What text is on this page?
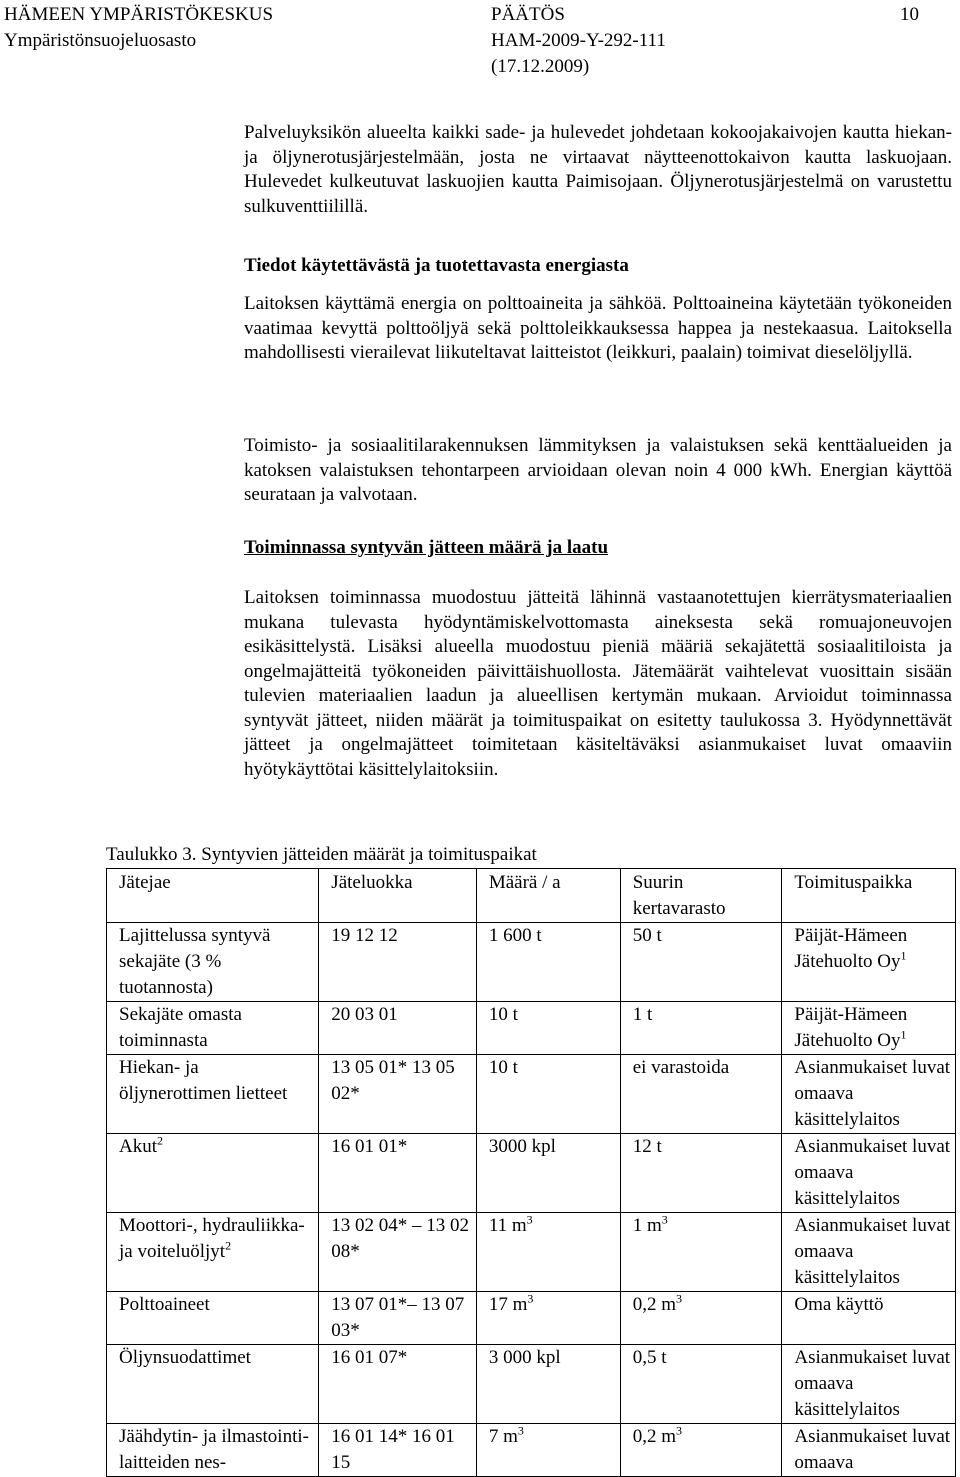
HÄMEEN YMPÄRISTÖKESKUS
Ympäristönsuojeluosasto
PÄÄTÖS
HAM-2009-Y-292-111
(17.12.2009)
10

Palveluyksikön alueelta kaikki sade- ja hulevedet johdetaan kokoojakaivojen kautta hiekan- ja öljynerotusjärjestelmään, josta ne virtaavat näytteenottokaivon kautta laskuojaan. Hulevedet kulkeutuvat laskuojien kautta Paimisojaan. Öljynerotusjärjestelmä on varustettu sulkuventtiilillä.

Tiedot käytettävästä ja tuotettavasta energiasta

Laitoksen käyttämä energia on polttoaineita ja sähköä. Polttoaineina käytetään työkoneiden vaatimaa kevyttä polttoöljyä sekä polttoleikkauksessa happea ja nestekaasua. Laitoksella mahdollisesti vierailevat liikuteltavat laitteistot (leikkuri, paalain) toimivat dieselöljyllä.

Toimisto- ja sosiaalitilarakennuksen lämmityksen ja valaistuksen sekä kenttäalueiden ja katoksen valaistuksen tehontarpeen arvioidaan olevan noin 4 000 kWh. Energian käyttöä seurataan ja valvotaan.

Toiminnassa syntyvän jätteen määrä ja laatu

Laitoksen toiminnassa muodostuu jätteitä lähinnä vastaanotettujen kierrätysmateriaalien mukana tulevasta hyödyntämiskelvottomasta aineksesta sekä romuajoneuvojen esikäsittelystä. Lisäksi alueella muodostuu pieniä määriä sekajätettä sosiaalitiloista ja ongelmajätteitä työkoneiden päivittäishuollosta. Jätemäärät vaihtelevat vuosittain sisään tulevien materiaalien laadun ja alueellisen kertymän mukaan. Arvioidut toiminnassa syntyvät jätteet, niiden määrät ja toimituspaikat on esitetty taulukossa 3. Hyödynnettävät jätteet ja ongelmajätteet toimitetaan käsiteltäväksi asianmukaiset luvat omaaviin hyötykäyttötai käsittelylaitoksiin.

Taulukko 3. Syntyvien jätteiden määrät ja toimituspaikat
Jätejae	Jäteluokka	Määrä / a	Suurin kertavarasto	Toimituspaikka
Lajittelussa syntyvä sekajäte (3 % tuotannosta)	19 12 12	1 600 t	50 t	Päijät-Hämeen Jätehuolto Oy$^1$
Sekajäte omasta toiminnasta	20 03 01	10 t	1 t	Päijät-Hämeen Jätehuolto Oy$^1$
Hiekan- ja öljynerottimen lietteet	13 05 01* 13 05 02*	10 t	ei varastoida	Asianmukaiset luvat omaava käsittelylaitos
Akut$^2$	16 01 01*	3000 kpl	12 t	Asianmukaiset luvat omaava käsittelylaitos
Moottori-, hydrauliikka- ja voiteluöljyt$^2$	13 02 04* – 13 02 08*	11 $m^3$	1 $m^3$	Asianmukaiset luvat omaava käsittelylaitos
Polttoaineet	13 07 01*– 13 07 03*	17 $m^3$	0,2 $m^3$	Oma käyttö
Öljynsuodattimet	16 01 07*	3 000 kpl	0,5 t	Asianmukaiset luvat omaava käsittelylaitos
Jäähdytin- ja ilmastointi-laitteiden nes-	16 01 14* 16 01 15	7 $m^3$	0,2 $m^3$	Asianmukaiset luvat omaava
